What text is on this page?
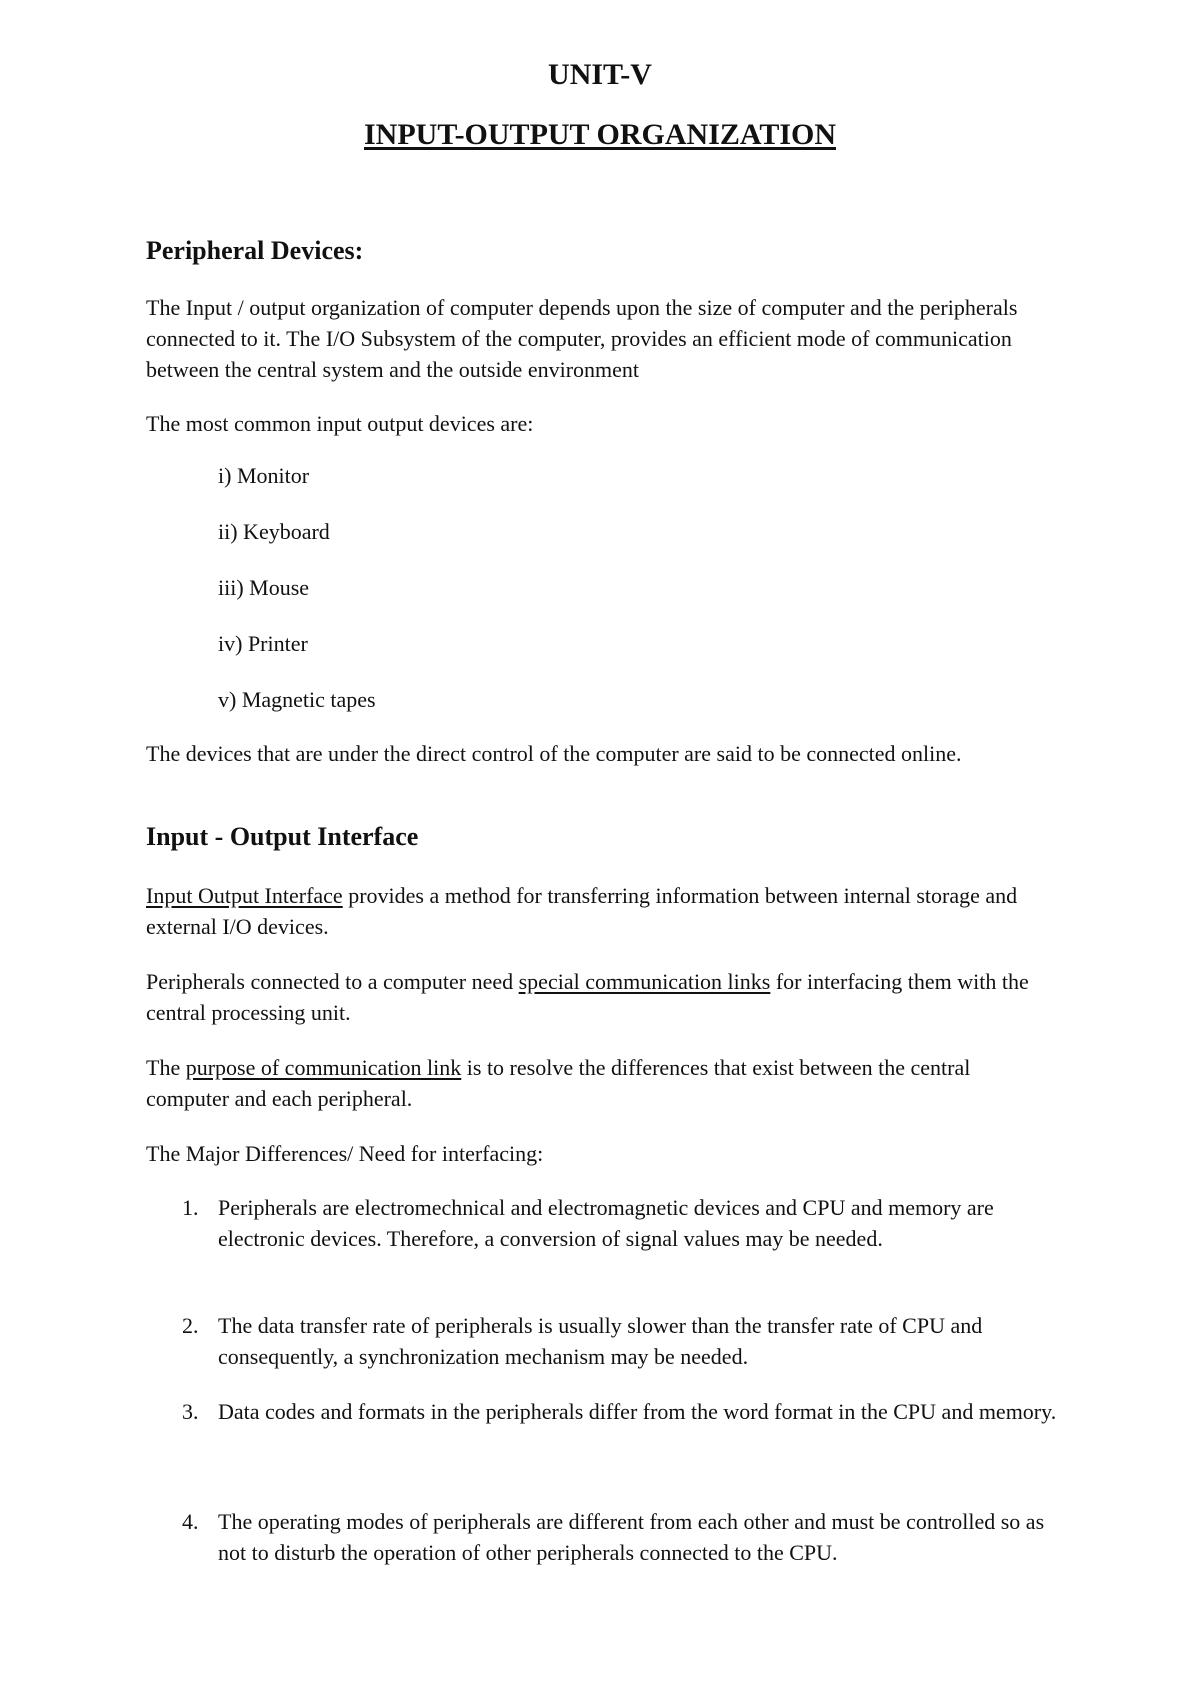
UNIT-V
INPUT-OUTPUT ORGANIZATION
Peripheral Devices:

The Input / output organization of computer depends upon the size of computer and the peripherals connected to it. The I/O Subsystem of the computer, provides an efficient mode of communication between the central system and the outside environment

The most common input output devices are:

i) Monitor

ii) Keyboard

iii) Mouse

iv) Printer

v) Magnetic tapes

The devices that are under the direct control of the computer are said to be connected online.

Input - Output Interface

Input Output Interface provides a method for transferring information between internal storage and external I/O devices.

Peripherals connected to a computer need special communication links for interfacing them with the central processing unit.

The purpose of communication link is to resolve the differences that exist between the central computer and each peripheral.

The Major Differences/ Need for interfacing:

1. Peripherals are electromechnical and electromagnetic devices and CPU and memory are electronic devices. Therefore, a conversion of signal values may be needed.
2. The data transfer rate of peripherals is usually slower than the transfer rate of CPU and consequently, a synchronization mechanism may be needed.
3. Data codes and formats in the peripherals differ from the word format in the CPU and memory.
4. The operating modes of peripherals are different from each other and must be controlled so as not to disturb the operation of other peripherals connected to the CPU.
